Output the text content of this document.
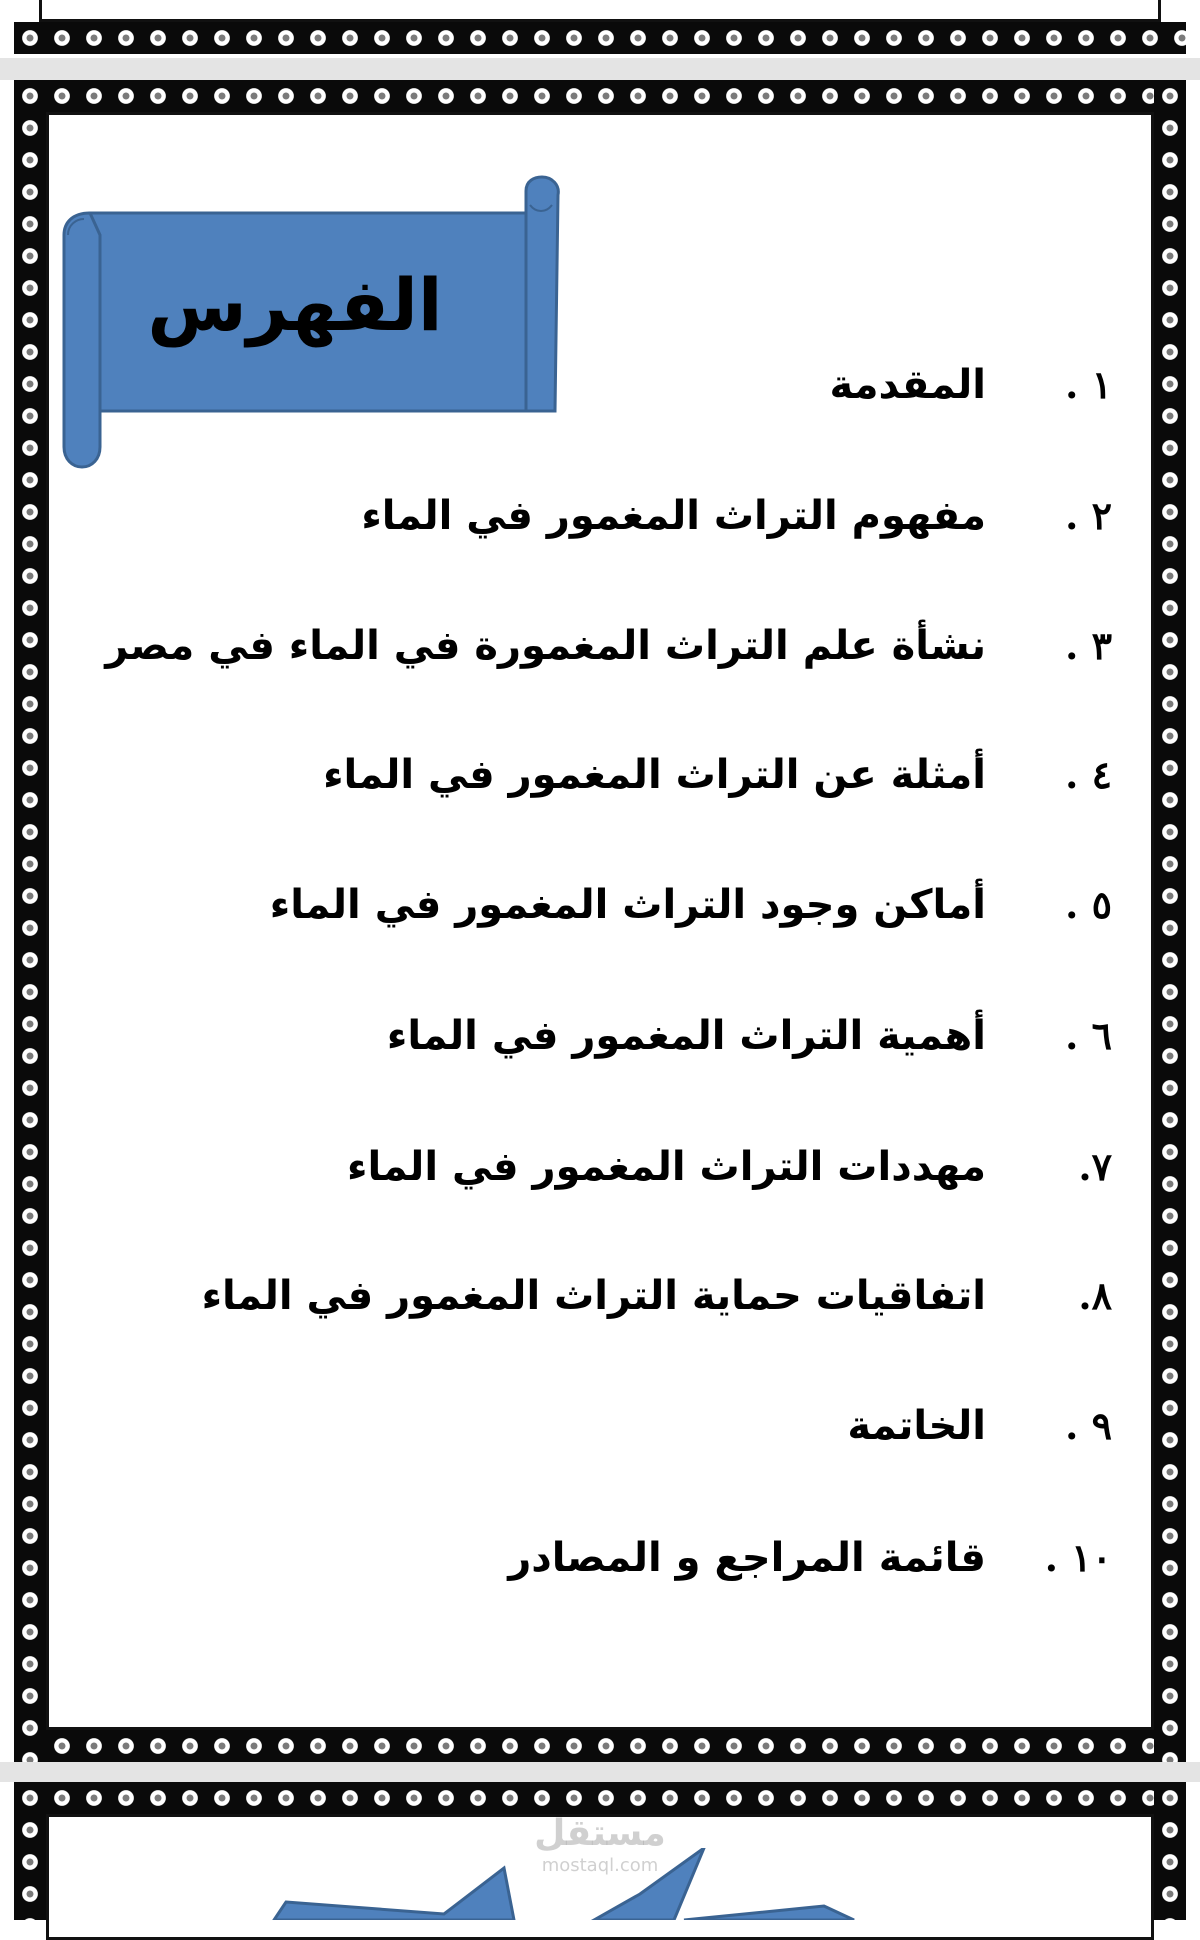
الفهرس
١ .
المقدمة
٢ .
مفهوم التراث المغمور في الماء
٣ .
نشأة علم التراث المغمورة في الماء في مصر
٤ .
أمثلة عن التراث المغمور في الماء
٥ .
أماكن وجود التراث المغمور في الماء
٦ .
أهمية التراث المغمور في الماء
٧.
مهددات التراث المغمور في الماء
٨.
اتفاقيات حماية التراث المغمور في الماء
٩ .
الخاتمة
١٠ .
قائمة المراجع و المصادر
مستقل
mostaql.com
